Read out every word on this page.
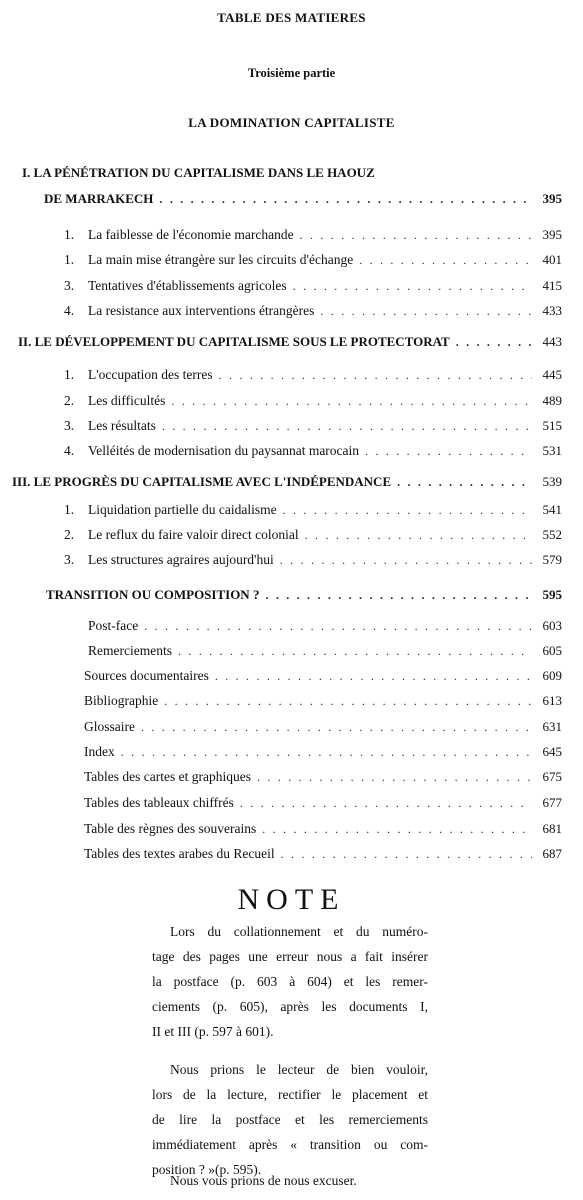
TABLE DES MATIERES
Troisième partie
LA DOMINATION CAPITALISTE
I. LA PÉNÉTRATION DU CAPITALISME DANS LE HAOUZ
DE MARRAKECH . . .	395
1.	La faiblesse de l'économie marchande . . .	395
1.	La main mise étrangère sur les circuits d'échange . . .	401
3.	Tentatives d'établissements agricoles . . .	415
4.	La resistance aux interventions étrangères . . .	433
II. LE DÉVELOPPEMENT DU CAPITALISME SOUS LE PROTECTORAT . . .	443
1.	L'occupation des terres . . .	445
2.	Les difficultés . . .	489
3.	Les résultats . . .	515
4.	Velléités de modernisation du paysannat marocain . . .	531
III. LE PROGRÈS DU CAPITALISME AVEC L'INDÉPENDANCE . . .	539
1.	Liquidation partielle du caidalisme . . .	541
2.	Le reflux du faire valoir direct colonial . . .	552
3.	Les structures agraires aujourd'hui . . .	579
TRANSITION OU COMPOSITION ? . . .	595
Post-face . . .	603
Remerciements . . .	605
Sources documentaires . . .	609
Bibliographie . . .	613
Glossaire . . .	631
Index . . .	645
Tables des cartes et graphiques . . .	675
Tables des tableaux chiffrés . . .	677
Table des règnes des souverains . . .	681
Tables des textes arabes du Recueil . . .	687
NOTE
Lors du collationnement et du numéro-
tage des pages une erreur nous a fait insérer
la postface (p. 603 à 604) et les remer-
ciements (p. 605), après les documents I,
II et III (p. 597 à 601).
Nous prions le lecteur de bien vouloir,
lors de la lecture, rectifier le placement et
de lire la postface et les remerciements
immédiatement après « transition ou com-
position ? »(p. 595).
Nous vous prions de nous excuser.
